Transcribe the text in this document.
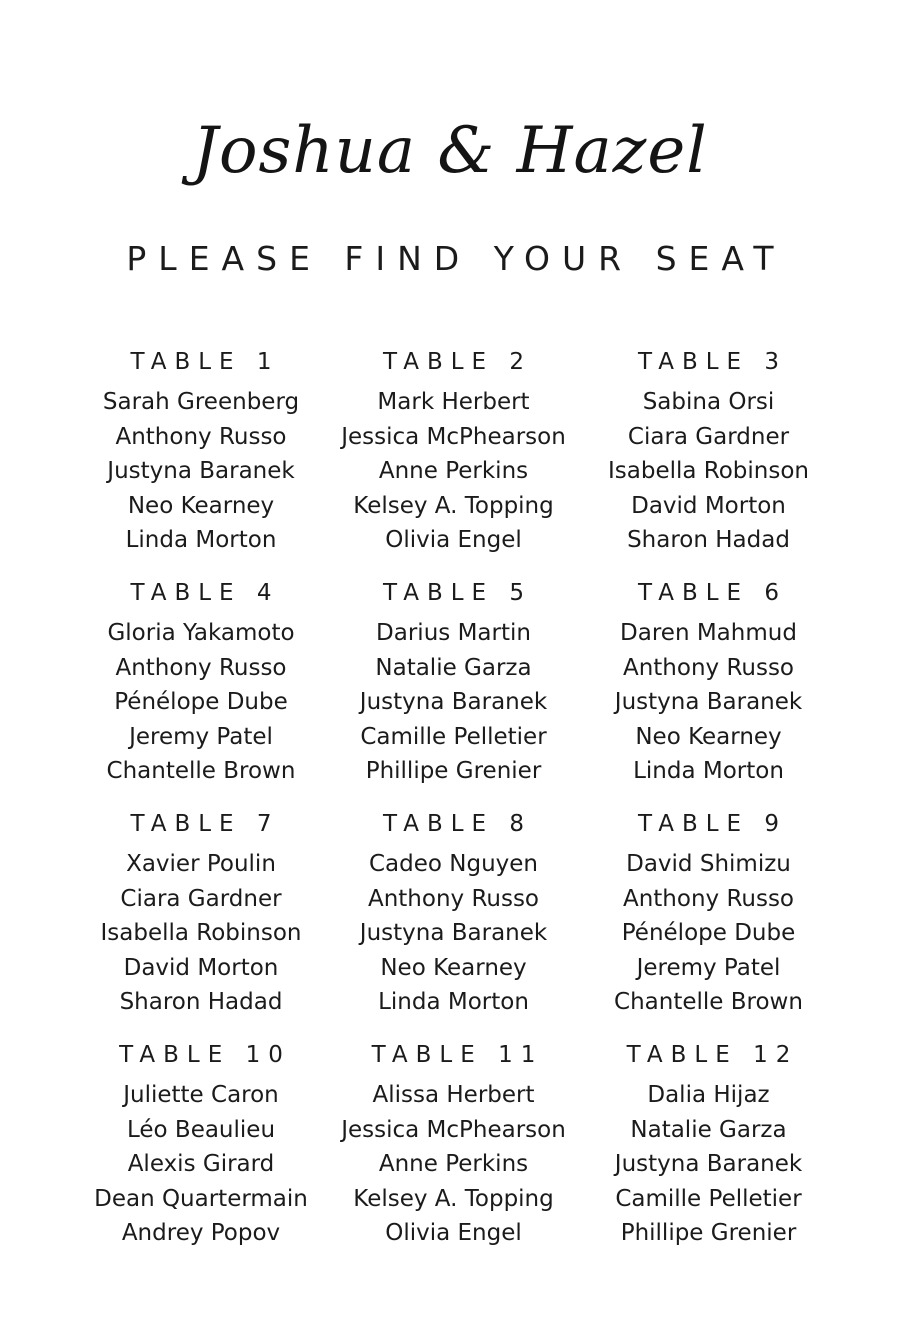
Joshua & Hazel
PLEASE FIND YOUR SEAT
TABLE 1
Sarah Greenberg
Anthony Russo
Justyna Baranek
Neo Kearney
Linda Morton
TABLE 2
Mark Herbert
Jessica McPhearson
Anne Perkins
Kelsey A. Topping
Olivia Engel
TABLE 3
Sabina Orsi
Ciara Gardner
Isabella Robinson
David Morton
Sharon Hadad
TABLE 4
Gloria Yakamoto
Anthony Russo
Pénélope Dube
Jeremy Patel
Chantelle Brown
TABLE 5
Darius Martin
Natalie Garza
Justyna Baranek
Camille Pelletier
Phillipe Grenier
TABLE 6
Daren Mahmud
Anthony Russo
Justyna Baranek
Neo Kearney
Linda Morton
TABLE 7
Xavier Poulin
Ciara Gardner
Isabella Robinson
David Morton
Sharon Hadad
TABLE 8
Cadeo Nguyen
Anthony Russo
Justyna Baranek
Neo Kearney
Linda Morton
TABLE 9
David Shimizu
Anthony Russo
Pénélope Dube
Jeremy Patel
Chantelle Brown
TABLE 10
Juliette Caron
Léo Beaulieu
Alexis Girard
Dean Quartermain
Andrey Popov
TABLE 11
Alissa Herbert
Jessica McPhearson
Anne Perkins
Kelsey A. Topping
Olivia Engel
TABLE 12
Dalia Hijaz
Natalie Garza
Justyna Baranek
Camille Pelletier
Phillipe Grenier
